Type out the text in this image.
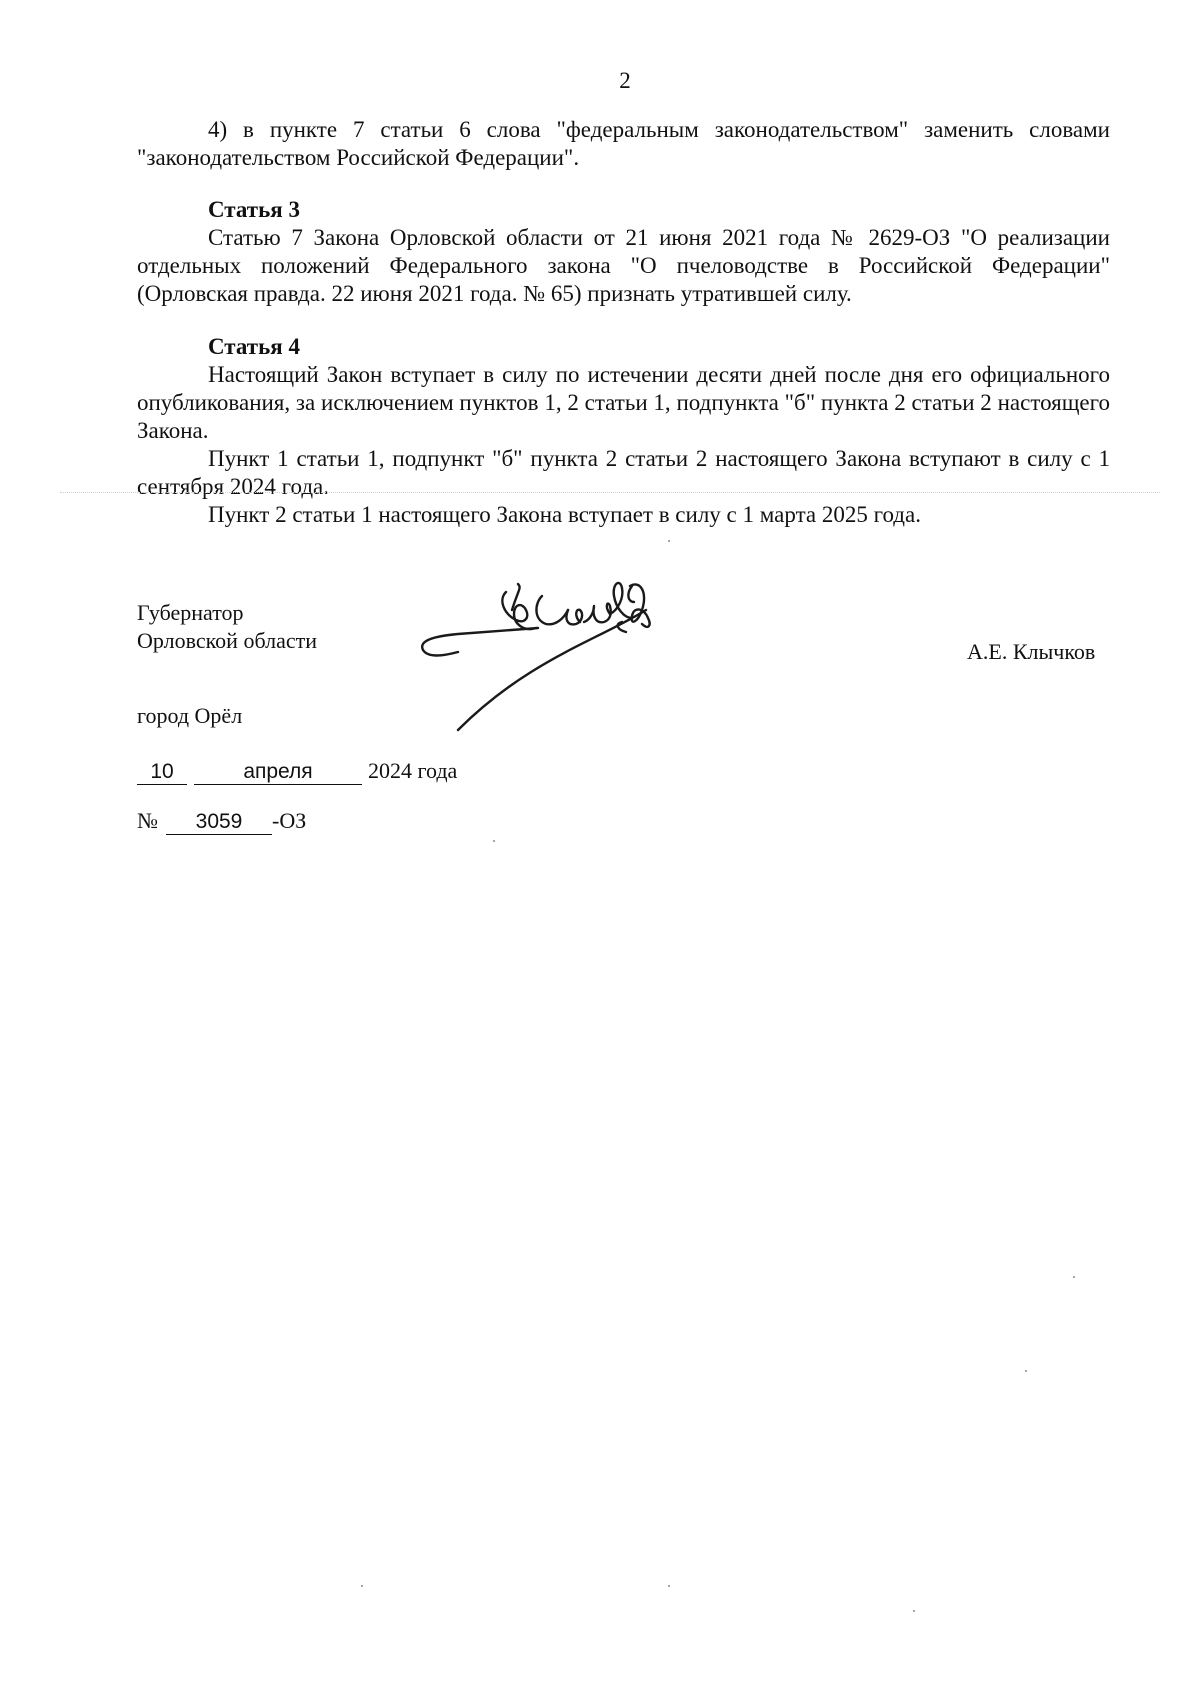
2

4) в пункте 7 статьи 6 слова "федеральным законодательством" заменить словами "законодательством Российской Федерации".

Статья 3

Статью 7 Закона Орловской области от 21 июня 2021 года № 2629-ОЗ "О реализации отдельных положений Федерального закона "О пчеловодстве в Российской Федерации" (Орловская правда. 22 июня 2021 года. № 65) признать утратившей силу.

Статья 4

Настоящий Закон вступает в силу по истечении десяти дней после дня его официального опубликования, за исключением пунктов 1, 2 статьи 1, подпункта "б" пункта 2 статьи 2 настоящего Закона.

Пункт 1 статьи 1, подпункт "б" пункта 2 статьи 2 настоящего Закона вступают в силу с 1 сентября 2024 года.

Пункт 2 статьи 1 настоящего Закона вступает в силу с 1 марта 2025 года.

Губернатор
Орловской области	А.Е. Клычков
город Орёл
10	апреля	2024 года
№ 3059 -ОЗ
